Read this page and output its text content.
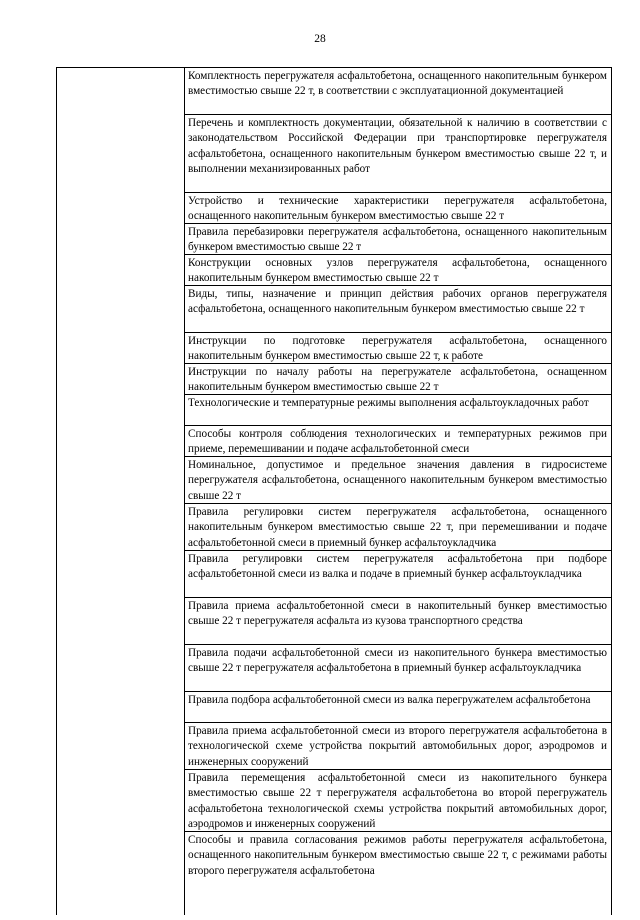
28
Комплектность перегружателя асфальтобетона, оснащенного накопительным бункером вместимостью свыше 22 т, в соответствии с эксплуатационной документацией
Перечень и комплектность документации, обязательной к наличию в соответствии с законодательством Российской Федерации при транспортировке перегружателя асфальтобетона, оснащенного накопительным бункером вместимостью свыше 22 т, и выполнении механизированных работ
Устройство и технические характеристики перегружателя асфальтобетона, оснащенного накопительным бункером вместимостью свыше 22 т
Правила перебазировки перегружателя асфальтобетона, оснащенного накопительным бункером вместимостью свыше 22 т
Конструкции основных узлов перегружателя асфальтобетона, оснащенного накопительным бункером вместимостью свыше 22 т
Виды, типы, назначение и принцип действия рабочих органов перегружателя асфальтобетона, оснащенного накопительным бункером вместимостью свыше 22 т
Инструкции по подготовке перегружателя асфальтобетона, оснащенного накопительным бункером вместимостью свыше 22 т, к работе
Инструкции по началу работы на перегружателе асфальтобетона, оснащенном накопительным бункером вместимостью свыше 22 т
Технологические и температурные режимы выполнения асфальтоукладочных работ
Способы контроля соблюдения технологических и температурных режимов при приеме, перемешивании и подаче асфальтобетонной смеси
Номинальное, допустимое и предельное значения давления в гидросистеме перегружателя асфальтобетона, оснащенного накопительным бункером вместимостью свыше 22 т
Правила регулировки систем перегружателя асфальтобетона, оснащенного накопительным бункером вместимостью свыше 22 т, при перемешивании и подаче асфальтобетонной смеси в приемный бункер асфальтоукладчика
Правила регулировки систем перегружателя асфальтобетона при подборе асфальтобетонной смеси из валка и подаче в приемный бункер асфальтоукладчика
Правила приема асфальтобетонной смеси в накопительный бункер вместимостью свыше 22 т перегружателя асфальта из кузова транспортного средства
Правила подачи асфальтобетонной смеси из накопительного бункера вместимостью свыше 22 т перегружателя асфальтобетона в приемный бункер асфальтоукладчика
Правила подбора асфальтобетонной смеси из валка перегружателем асфальтобетона
Правила приема асфальтобетонной смеси из второго перегружателя асфальтобетона в технологической схеме устройства покрытий автомобильных дорог, аэродромов и инженерных сооружений
Правила перемещения асфальтобетонной смеси из накопительного бункера вместимостью свыше 22 т перегружателя асфальтобетона во второй перегружатель асфальтобетона технологической схемы устройства покрытий автомобильных дорог, аэродромов и инженерных сооружений
Способы и правила согласования режимов работы перегружателя асфальтобетона, оснащенного накопительным бункером вместимостью свыше 22 т, с режимами работы второго перегружателя асфальтобетона
